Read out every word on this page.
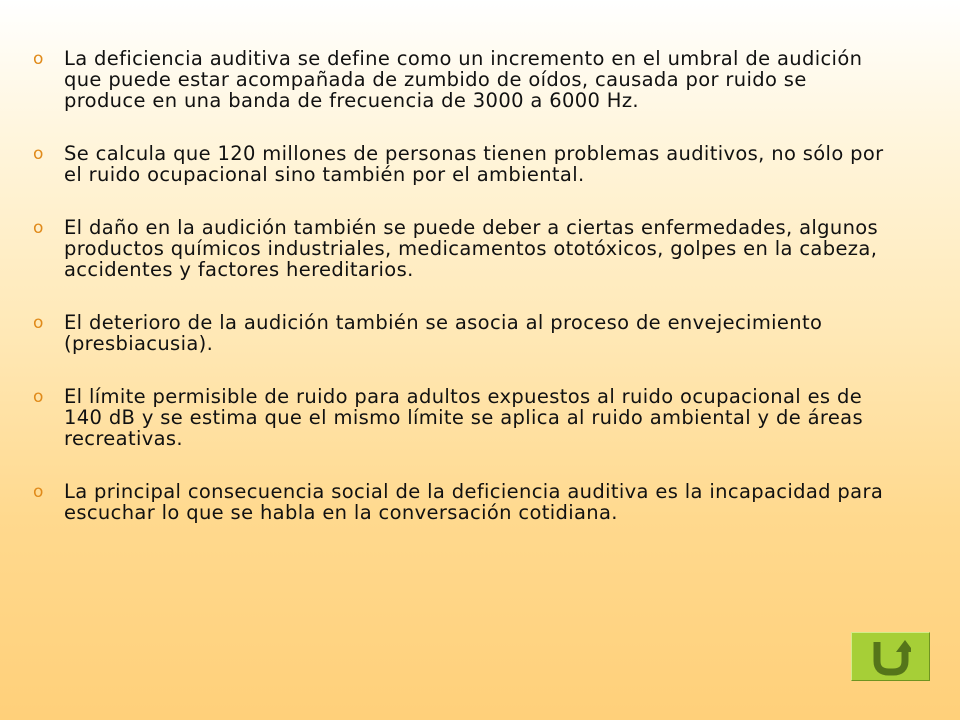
o La deficiencia auditiva se define como un incremento en el umbral de audición que puede estar acompañada de zumbido de oídos, causada por ruido se produce en una banda de frecuencia de 3000 a 6000 Hz.
o Se calcula que 120 millones de personas tienen problemas auditivos, no sólo por el ruido ocupacional sino también por el ambiental.
o El daño en la audición también se puede deber a ciertas enfermedades, algunos productos químicos industriales, medicamentos ototóxicos, golpes en la cabeza, accidentes y factores hereditarios.
o El deterioro de la audición también se asocia al proceso de envejecimiento (presbiacusia).
o El límite permisible de ruido para adultos expuestos al ruido ocupacional es de 140 dB y se estima que el mismo límite se aplica al ruido ambiental y de áreas recreativas.
o La principal consecuencia social de la deficiencia auditiva es la incapacidad para escuchar lo que se habla en la conversación cotidiana.
